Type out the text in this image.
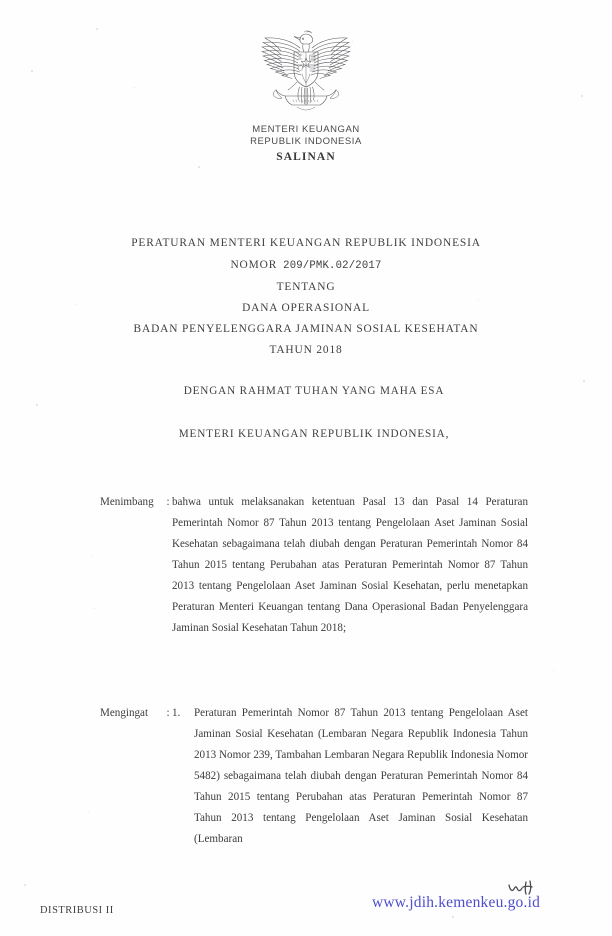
MENTERI KEUANGAN
REPUBLIK INDONESIA
SALINAN
PERATURAN MENTERI KEUANGAN REPUBLIK INDONESIA
NOMOR 209/PMK.02/2017
TENTANG
DANA OPERASIONAL
BADAN PENYELENGGARA JAMINAN SOSIAL KESEHATAN
TAHUN 2018
DENGAN RAHMAT TUHAN YANG MAHA ESA
MENTERI KEUANGAN REPUBLIK INDONESIA,
Menimbang	: bahwa untuk melaksanakan ketentuan Pasal 13 dan Pasal 14 Peraturan Pemerintah Nomor 87 Tahun 2013 tentang Pengelolaan Aset Jaminan Sosial Kesehatan sebagaimana telah diubah dengan Peraturan Pemerintah Nomor 84 Tahun 2015 tentang Perubahan atas Peraturan Pemerintah Nomor 87 Tahun 2013 tentang Pengelolaan Aset Jaminan Sosial Kesehatan, perlu menetapkan Peraturan Menteri Keuangan tentang Dana Operasional Badan Penyelenggara Jaminan Sosial Kesehatan Tahun 2018;
Mengingat	: 1.	Peraturan Pemerintah Nomor 87 Tahun 2013 tentang Pengelolaan Aset Jaminan Sosial Kesehatan (Lembaran Negara Republik Indonesia Tahun 2013 Nomor 239, Tambahan Lembaran Negara Republik Indonesia Nomor 5482) sebagaimana telah diubah dengan Peraturan Pemerintah Nomor 84 Tahun 2015 tentang Perubahan atas Peraturan Pemerintah Nomor 87 Tahun 2013 tentang Pengelolaan Aset Jaminan Sosial Kesehatan (Lembaran
DISTRIBUSI II	www.jdih.kemenkeu.go.id
